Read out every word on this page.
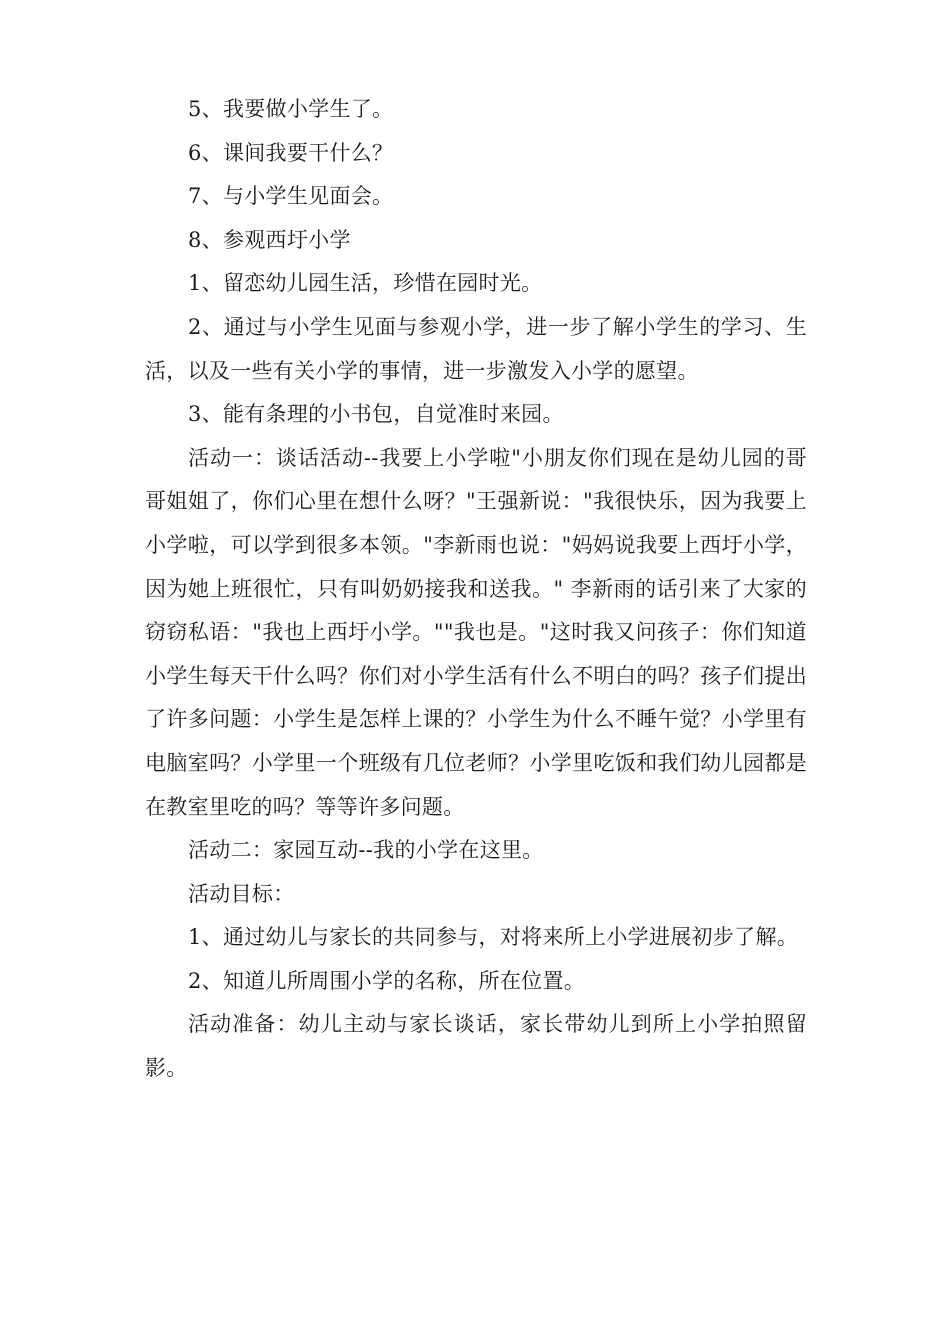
5、我要做小学生了。

6、课间我要干什么？

7、与小学生见面会。

8、参观西圩小学

1、留恋幼儿园生活，珍惜在园时光。

2、通过与小学生见面与参观小学，进一步了解小学生的学习、生活，以及一些有关小学的事情，进一步激发入小学的愿望。

3、能有条理的小书包，自觉准时来园。

活动一：谈话活动--我要上小学啦"小朋友你们现在是幼儿园的哥哥姐姐了，你们心里在想什么呀？"王强新说："我很快乐，因为我要上小学啦，可以学到很多本领。"李新雨也说："妈妈说我要上西圩小学，因为她上班很忙，只有叫奶奶接我和送我。" 李新雨的话引来了大家的窃窃私语："我也上西圩小学。""我也是。"这时我又问孩子：你们知道小学生每天干什么吗？你们对小学生活有什么不明白的吗？孩子们提出了许多问题：小学生是怎样上课的？小学生为什么不睡午觉？小学里有电脑室吗？小学里一个班级有几位老师？小学里吃饭和我们幼儿园都是在教室里吃的吗？等等许多问题。

活动二：家园互动--我的小学在这里。

活动目标：

1、通过幼儿与家长的共同参与，对将来所上小学进展初步了解。

2、知道儿所周围小学的名称，所在位置。

活动准备：幼儿主动与家长谈话，家长带幼儿到所上小学拍照留影。
